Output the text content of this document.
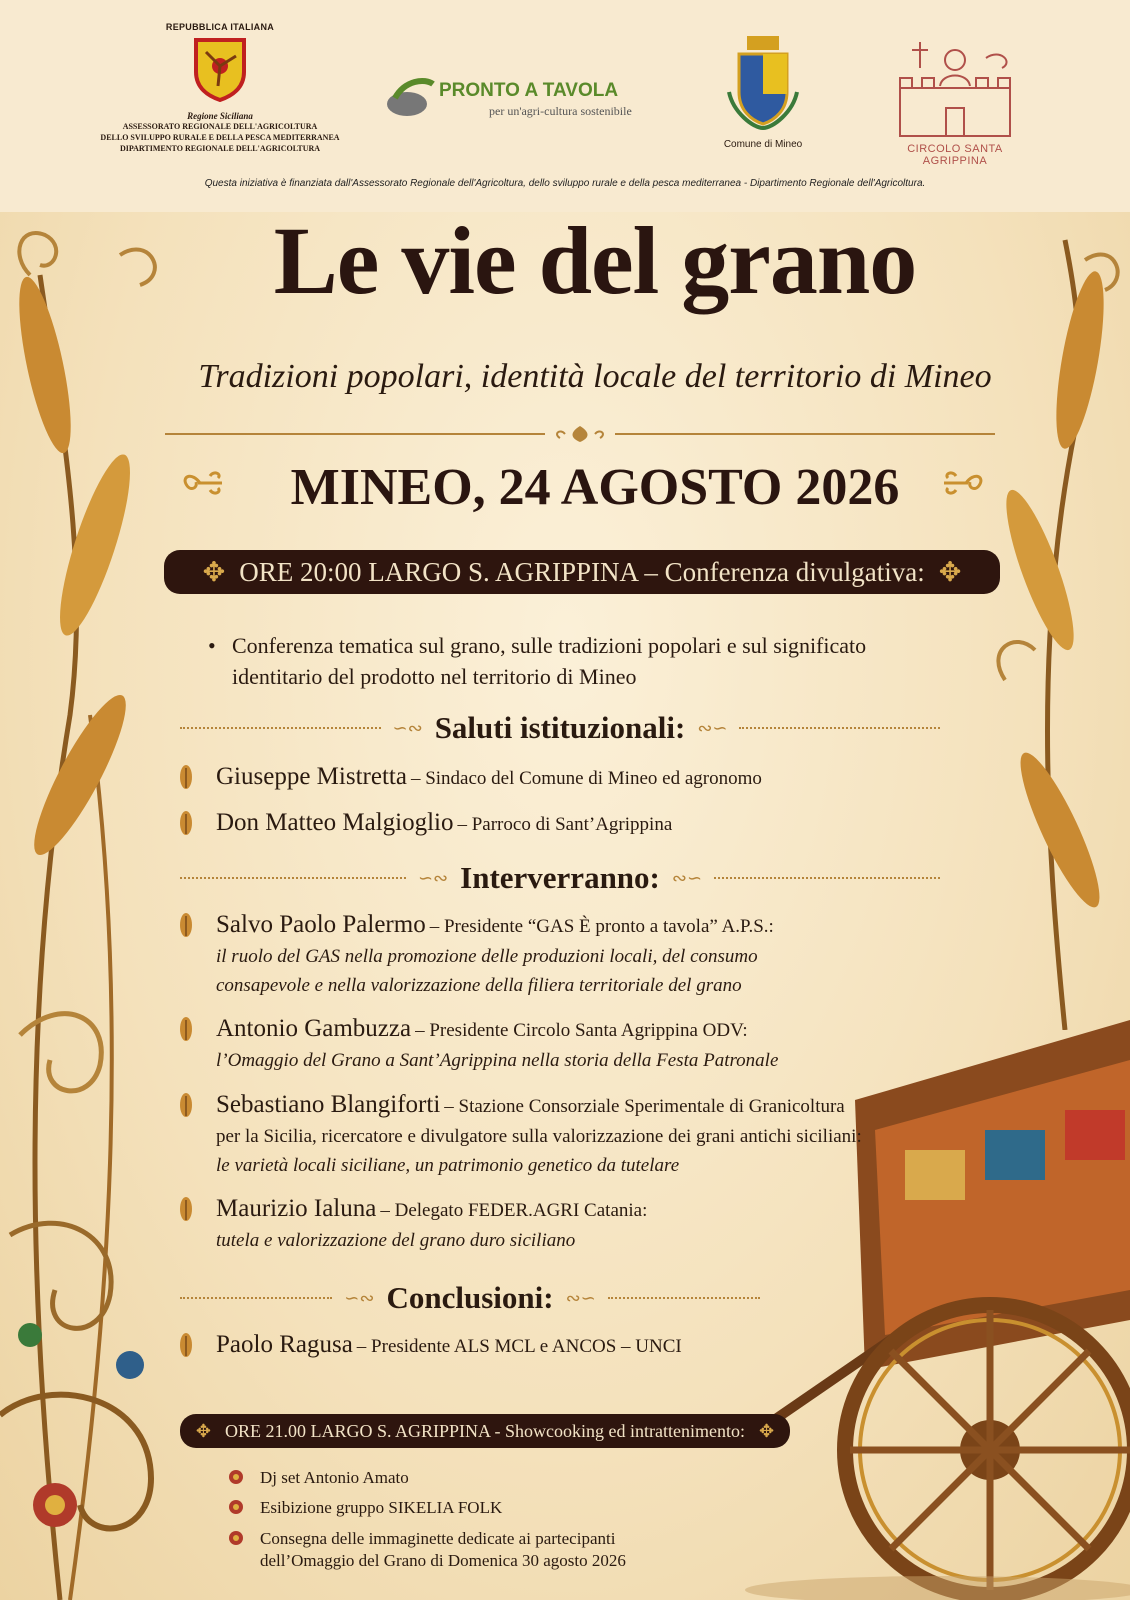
REPUBBLICA ITALIANA
Regione Siciliana
ASSESSORATO REGIONALE DELL'AGRICOLTURA
DELLO SVILUPPO RURALE E DELLA PESCA MEDITERRANEA
DIPARTIMENTO REGIONALE DELL'AGRICOLTURA
PRONTO A TAVOLA
per un'agri-cultura sostenibile
Comune di Mineo	CIRCOLO SANTA AGRIPPINA
Questa iniziativa è finanziata dall'Assessorato Regionale dell'Agricoltura, dello sviluppo rurale e della pesca mediterranea - Dipartimento Regionale dell'Agricoltura.
Le vie del grano
Tradizioni popolari, identità locale del territorio di Mineo
MINEO, 24 AGOSTO 2026
✥ ORE 20:00 LARGO S. AGRIPPINA – Conferenza divulgativa: ✥
• Conferenza tematica sul grano, sulle tradizioni popolari e sul significato
identitario del prodotto nel territorio di Mineo
∽∾ Saluti istituzionali: ∾∽
Giuseppe Mistretta – Sindaco del Comune di Mineo ed agronomo
Don Matteo Malgioglio – Parroco di Sant’Agrippina
∽∾ Interverranno: ∾∽
Salvo Paolo Palermo – Presidente “GAS È pronto a tavola” A.P.S.:
il ruolo del GAS nella promozione delle produzioni locali, del consumo
consapevole e nella valorizzazione della filiera territoriale del grano
Antonio Gambuzza – Presidente Circolo Santa Agrippina ODV:
l’Omaggio del Grano a Sant’Agrippina nella storia della Festa Patronale
Sebastiano Blangiforti – Stazione Consorziale Sperimentale di Granicoltura
per la Sicilia, ricercatore e divulgatore sulla valorizzazione dei grani antichi siciliani:
le varietà locali siciliane, un patrimonio genetico da tutelare
Maurizio Ialuna – Delegato FEDER.AGRI Catania:
tutela e valorizzazione del grano duro siciliano
∽∾ Conclusioni: ∾∽
Paolo Ragusa – Presidente ALS MCL e ANCOS – UNCI
✥ ORE 21.00 LARGO S. AGRIPPINA - Showcooking ed intrattenimento: ✥
Dj set Antonio Amato
Esibizione gruppo SIKELIA FOLK
Consegna delle immaginette dedicate ai partecipanti
dell’Omaggio del Grano di Domenica 30 agosto 2026
